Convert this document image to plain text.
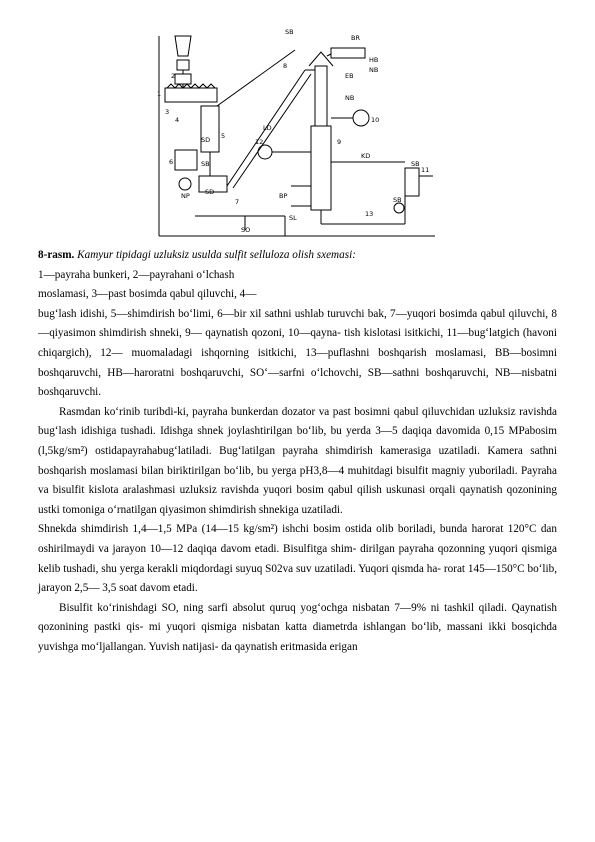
1
2
3
4
5
6
7
8
9
10
11
12
13
SB
BR
HB
EB
NB
NB
LD
SD
SD
SB
SB
KD
SO
SL
BP
SB
NP

8-rasm. Kamyur tipidagi uzluksiz usulda sulfit sellulozа olish sxemasi:

1—payraha bunkeri, 2—payrahani o‘lchash

moslamasi, 3—past bosimda qabul qiluvchi, 4—

bug‘lash idishi, 5—shimdirish bo‘limi, 6—bir xil sathni ushlab turuvchi bak, 7—yuqori bosimda qabul qiluvchi, 8—qiyasimon shimdirish shneki, 9— qaynatish qozoni, 10—qayna- tish kislotasi isitkichi, 11—bug‘latgich (havoni chiqargich), 12— muomaladagi ishqorning isitkichi, 13—puflashni boshqarish moslamasi, BB—bosimni boshqaruvchi, HB—haroratni boshqaruvchi, SO‘—sarfni o‘lchovchi, SB—sathni boshqaruvchi, NB—nisbatni boshqaruvchi.

Rasmdan ko‘rinib turibdi-ki, payraha bunkerdan dozator va past bosimni qabul qiluvchidan uzluksiz ravishda bug‘lash idishiga tushadi. Idishga shnek joylashtirilgan bo‘lib, bu yerda 3—5 daqiqa davomida 0,15 MPabosim (l,5kg/sm²) ostidapayrahabug‘latiladi. Bug‘latilgan payraha shimdirish kamerasiga uzatiladi. Kamera sathni boshqarish moslamasi bilan biriktirilgan bo‘lib, bu yerga pH3,8—4 muhitdagi bisulfit magniy yuboriladi. Payraha va bisulfit kislota aralashmasi uzluksiz ravishda yuqori bosim qabul qilish uskunasi orqali qaynatish qozonining ustki tomoniga o‘rnatilgan qiyasimon shimdirish shnekiga uzatiladi.

Shnekda shimdirish 1,4—1,5 MPa (14—15 kg/sm²) ishchi bosim ostida olib boriladi, bunda harorat 120°C dan oshirilmaydi va jarayon 10—12 daqiqa davom etadi. Bisulfitga shim- dirilgan payraha qozonning yuqori qismiga kelib tushadi, shu yerga kerakli miqdordagi suyuq S02va suv uzatiladi. Yuqori qismda ha- rorat 145—150°C bo‘lib, jarayon 2,5— 3,5 soat davom etadi.

Bisulfit ko‘rinishdagi SO, ning sarfi absolut quruq yog‘ochga nisbatan 7—9% ni tashkil qiladi. Qaynatish qozonining pastki qis- mi yuqori qismiga nisbatan katta diametrda ishlangan bo‘lib, massani ikki bosqichda yuvishga mo‘ljallangan. Yuvish natijasi- da qaynatish eritmasida erigan
